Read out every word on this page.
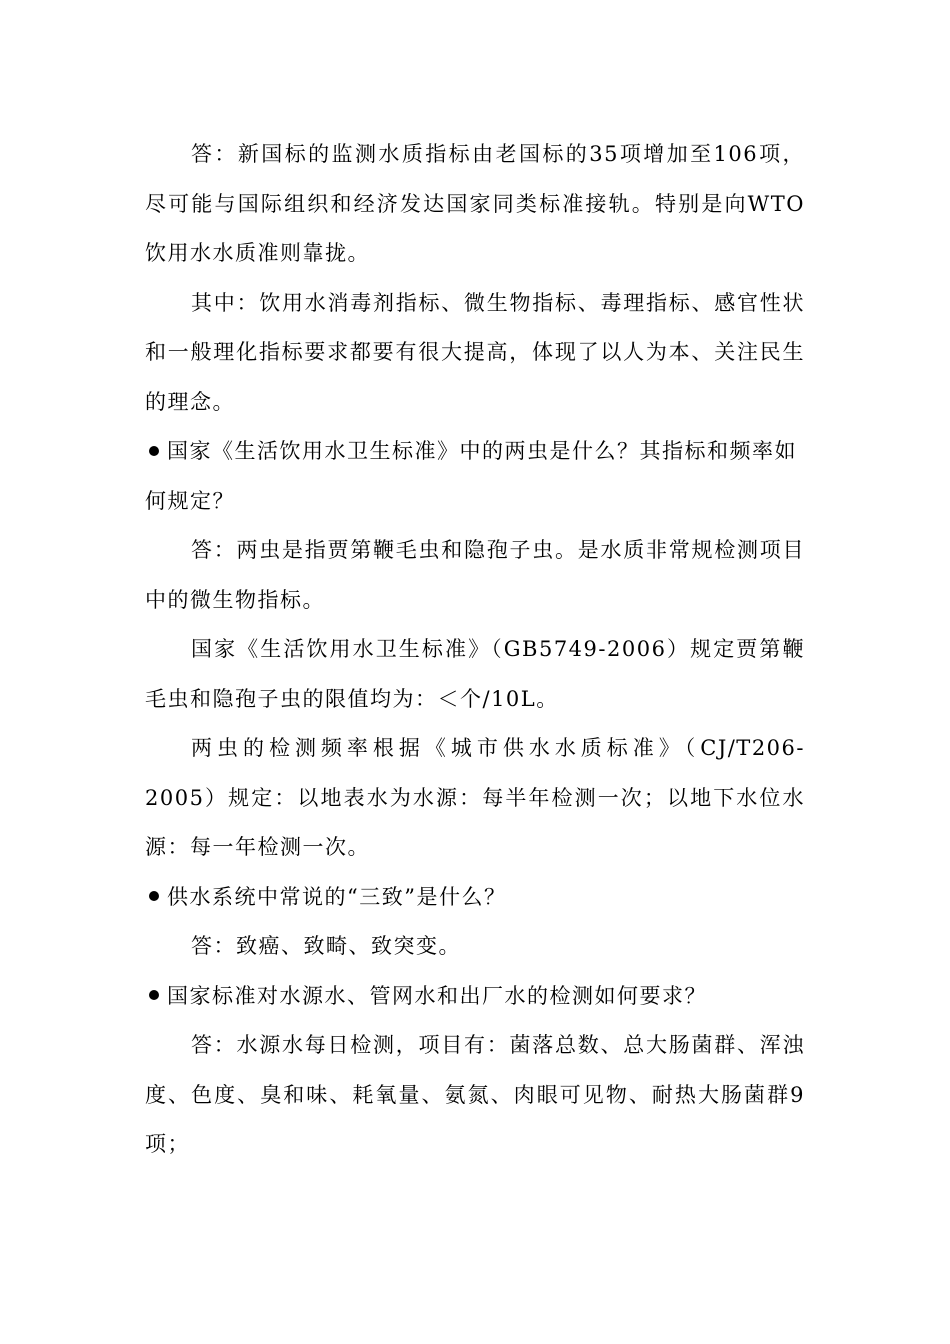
答：新国标的监测水质指标由老国标的35项增加至106项，尽可能与国际组织和经济发达国家同类标准接轨。特别是向WTO饮用水水质准则靠拢。

其中：饮用水消毒剂指标、微生物指标、毒理指标、感官性状和一般理化指标要求都要有很大提高，体现了以人为本、关注民生的理念。

国家《生活饮用水卫生标准》中的两虫是什么？其指标和频率如何规定？

答：两虫是指贾第鞭毛虫和隐孢子虫。是水质非常规检测项目中的微生物指标。

国家《生活饮用水卫生标准》（GB5749-2006）规定贾第鞭毛虫和隐孢子虫的限值均为：＜个/10L。

两虫的检测频率根据《城市供水水质标准》（CJ/T206-2005）规定：以地表水为水源：每半年检测一次；以地下水位水源：每一年检测一次。

供水系统中常说的“三致”是什么？

答：致癌、致畸、致突变。

国家标准对水源水、管网水和出厂水的检测如何要求？

答：水源水每日检测，项目有：菌落总数、总大肠菌群、浑浊度、色度、臭和味、耗氧量、氨氮、肉眼可见物、耐热大肠菌群9项；
